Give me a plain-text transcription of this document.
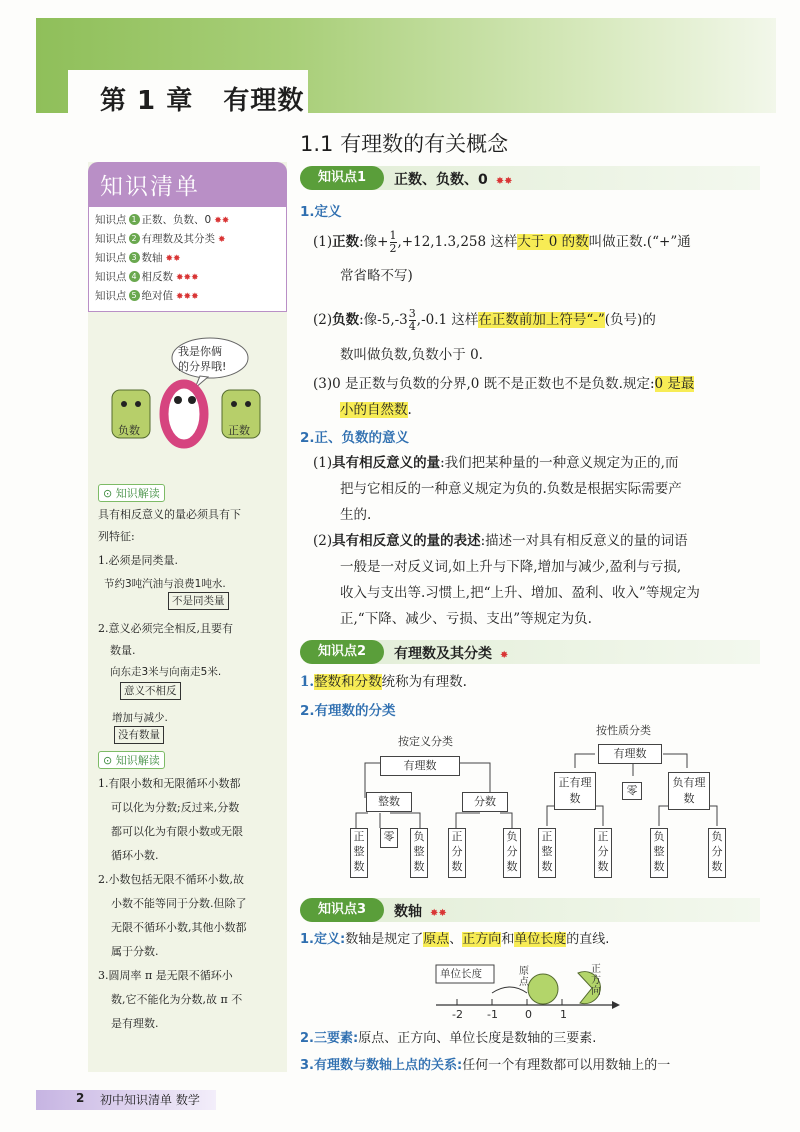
第 1 章   有理数
1.1 有理数的有关概念
知识清单
知识点 1 正数、负数、0 ✸✸
知识点 2 有理数及其分类 ✸
知识点 3 数轴 ✸✸
知识点 4 相反数 ✸✸✸
知识点 5 绝对值 ✸✸✸
我是你俩
的分界哦!
负数	正数
⊙ 知识解读
具有相反意义的量必须具有下
列特征:
1.必须是同类量.
节约3吨汽油与浪费1吨水.
不是同类量
2.意义必须完全相反,且要有
数量.
向东走3米与向南走5米.
意义不相反
增加与减少.
没有数量
⊙ 知识解读
1.有限小数和无限循环小数都
可以化为分数;反过来,分数
都可以化为有限小数或无限
循环小数.
2.小数包括无限不循环小数,故
小数不能等同于分数.但除了
无限不循环小数,其他小数都
属于分数.
3.圆周率 π 是无限不循环小
数,它不能化为分数,故 π 不
是有理数.
知识点1	正数、负数、0 ✸✸
1.定义
(1)正数:像$+\frac{1}{2} ,+12,1.3,258$ 这样大于 0 的数叫做正数.(“+”通
常省略不写)
(2)负数:像$-5,-3\frac{3}{4} ,-0.1$ 这样在正数前加上符号“-”(负号)的
数叫做负数,负数小于 0.
(3)0 是正数与负数的分界,0 既不是正数也不是负数.规定:0 是最
小的自然数.
2.正、负数的意义
(1)具有相反意义的量:我们把某种量的一种意义规定为正的,而
把与它相反的一种意义规定为负的.负数是根据实际需要产
生的.
(2)具有相反意义的量的表述:描述一对具有相反意义的量的词语
一般是一对反义词,如上升与下降,增加与减少,盈利与亏损,
收入与支出等.习惯上,把“上升、增加、盈利、收入”等规定为
正,“下降、减少、亏损、支出”等规定为负.
知识点2	有理数及其分类 ✸
1.整数和分数统称为有理数.
2.有理数的分类
按定义分类
有理数
整数	分数
正整数
零	负整数
正分数
负分数
按性质分类
有理数
正有理数
零
负有理数
正整数
正分数
负整数
负分数
知识点3	数轴 ✸✸
1.定义:数轴是规定了原点、正方向和单位长度的直线.
单位长度	原点
正方向
-2 -1 0	1
2.三要素:原点、正方向、单位长度是数轴的三要素.
3.有理数与数轴上点的关系:任何一个有理数都可以用数轴上的一
2 初中知识清单 数学
